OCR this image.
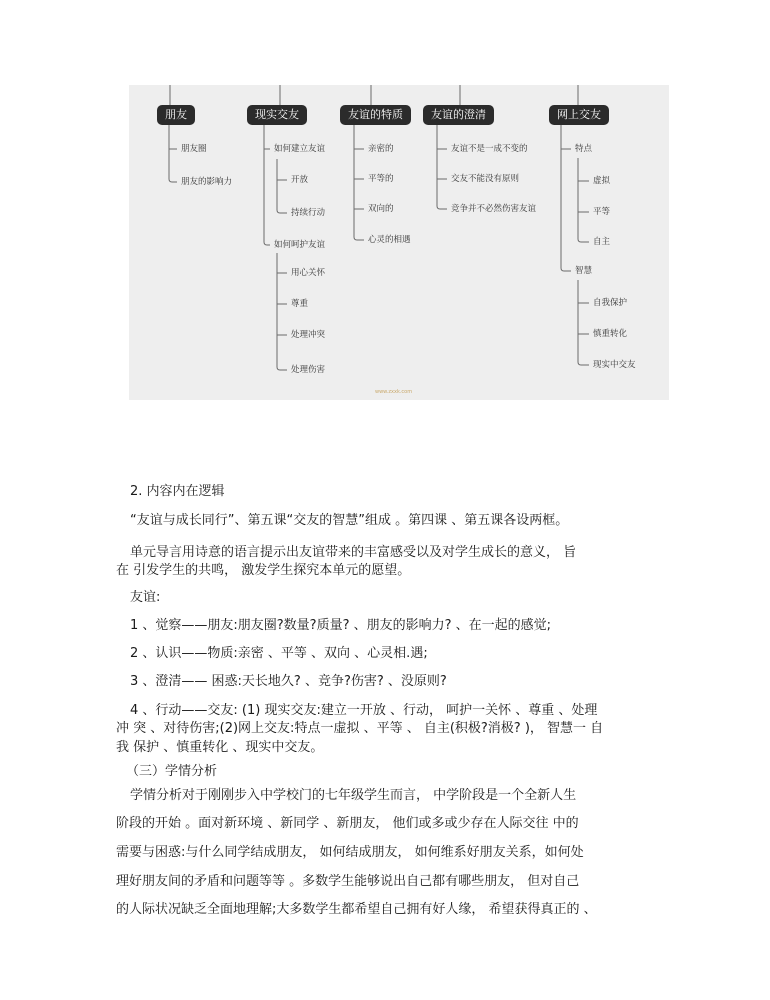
朋友	现实交友	友谊的特质	友谊的澄清	网上交友
朋友圈
朋友的影响力
如何建立友谊
开放
持续行动
如何呵护友谊
用心关怀
尊重
处理冲突
处理伤害
亲密的
平等的
双向的
心灵的相遇
友谊不是一成不变的
交友不能没有原则
竞争并不必然伤害友谊
特点
虚拟
平等
自主
智慧
自我保护
慎重转化
现实中交友
www.zxxk.com
2. 内容内在逻辑
“友谊与成长同行”、第五课“交友的智慧”组成 。第四课 、第五课各设两框。
单元导言用诗意的语言提示出友谊带来的丰富感受以及对学生成长的意义， 旨
在 引发学生的共鸣， 激发学生探究本单元的愿望。
友谊:
1 、觉察——朋友:朋友圈?数量?质量? 、朋友的影响力? 、在一起的感觉;
2 、认识——物质:亲密 、平等 、双向 、心灵相.遇;
3 、澄清—— 困惑:天长地久? 、竞争?伤害? 、没原则?
4 、行动——交友: (1) 现实交友:建立一开放 、行动， 呵护一关怀 、尊重 、处理
冲 突 、对待伤害;(2)网上交友:特点一虚拟 、平等 、 自主(积极?消极? )， 智慧一 自
我 保护 、慎重转化 、现实中交友。
（三）学情分析
学情分析对于刚刚步入中学校门的七年级学生而言， 中学阶段是一个全新人生
阶段的开始 。面对新环境 、新同学 、新朋友， 他们或多或少存在人际交往 中的
需要与困惑:与什么同学结成朋友， 如何结成朋友， 如何维系好朋友关系，如何处
理好朋友间的矛盾和问题等等 。多数学生能够说出自己都有哪些朋友， 但对自己
的人际状况缺乏全面地理解;大多数学生都希望自己拥有好人缘， 希望获得真正的 、
